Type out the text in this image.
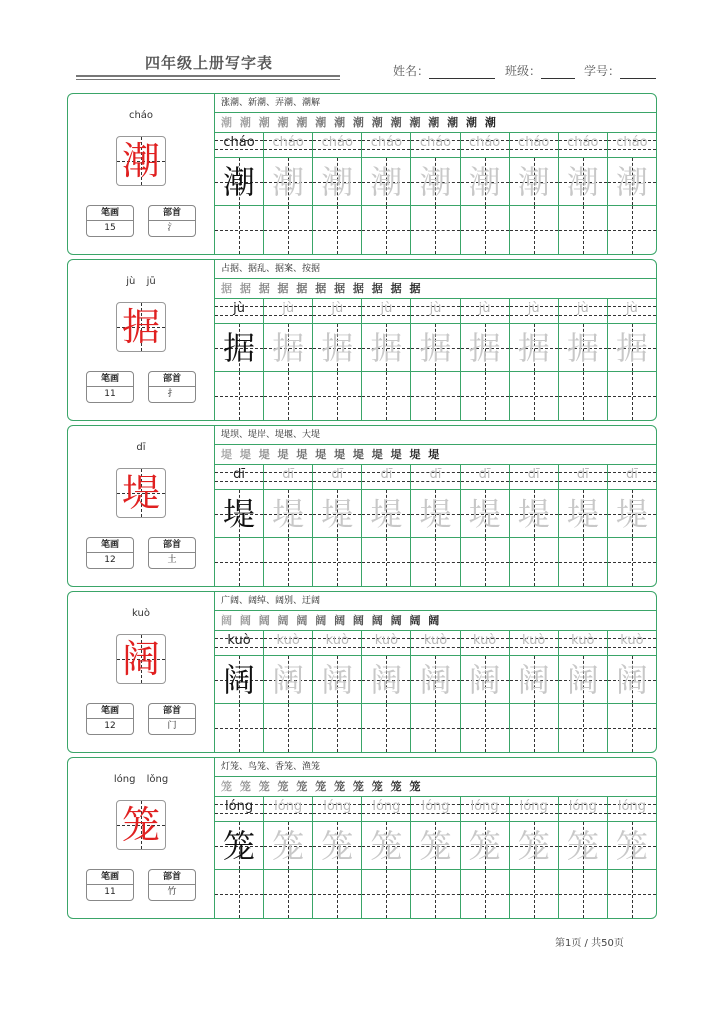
四年级上册写字表	姓名：	班级：	学号：
cháo
潮
笔画
15
部首
氵
涨潮、新潮、弄潮、潮解
潮 潮 潮 潮 潮 潮 潮 潮 潮 潮 潮 潮 潮 潮 潮
cháo	cháo	cháo	cháo	cháo	cháo	cháo	cháo	cháo
潮 潮 潮 潮 潮 潮 潮 潮 潮
jù jū
据
笔画
11
部首
扌
占据、据乱、据案、按据
据 据 据 据 据 据 据 据 据 据 据
jù	jù	jù	jù	jù	jù	jù	jù	jù
据 据 据 据 据 据 据 据 据
dī
堤
笔画
12
部首
土
堤坝、堤岸、堤堰、大堤
堤 堤 堤 堤 堤 堤 堤 堤 堤 堤 堤 堤
dī	dī	dī	dī	dī	dī	dī	dī	dī
堤 堤 堤 堤 堤 堤 堤 堤 堤
kuò
阔
笔画
12
部首
门
广阔、阔绰、阔别、迂阔
阔 阔 阔 阔 阔 阔 阔 阔 阔 阔 阔 阔
kuò	kuò	kuò	kuò	kuò	kuò	kuò	kuò	kuò
阔 阔 阔 阔 阔 阔 阔 阔 阔
lóng lǒng
笼
笔画
11
部首
竹
灯笼、鸟笼、香笼、渔笼
笼 笼 笼 笼 笼 笼 笼 笼 笼 笼 笼
lóng	lóng	lóng	lóng	lóng	lóng	lóng	lóng	lóng
笼 笼 笼 笼 笼 笼 笼 笼 笼
第1页 / 共50页
